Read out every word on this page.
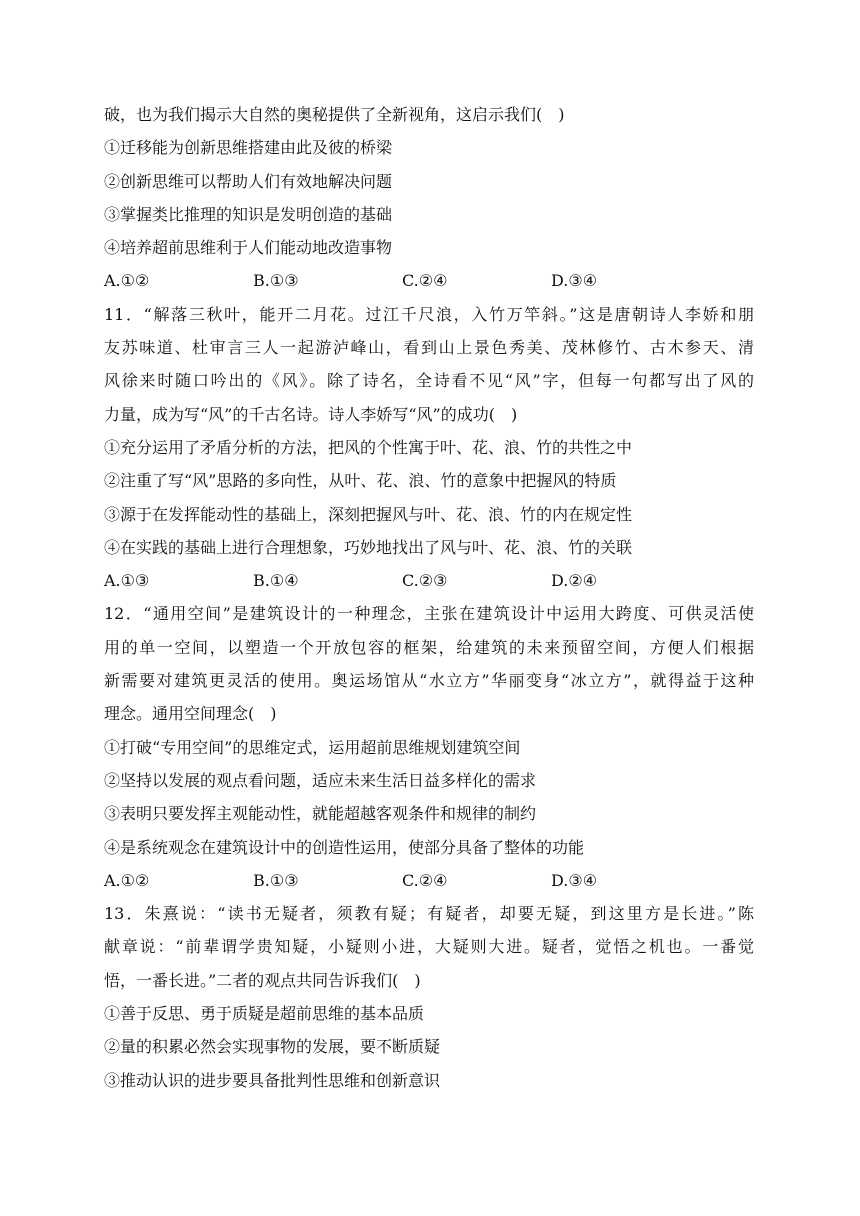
破，也为我们揭示大自然的奥秘提供了全新视角，这启示我们(　)
①迁移能为创新思维搭建由此及彼的桥梁
②创新思维可以帮助人们有效地解决问题
③掌握类比推理的知识是发明创造的基础
④培养超前思维利于人们能动地改造事物
A.①②	B.①③	C.②④	D.③④
11．“解落三秋叶，能开二月花。过江千尺浪，入竹万竿斜。”这是唐朝诗人李娇和朋
友苏味道、杜审言三人一起游泸峰山，看到山上景色秀美、茂林修竹、古木参天、清
风徐来时随口吟出的《风》。除了诗名，全诗看不见“风”字，但每一句都写出了风的
力量，成为写“风”的千古名诗。诗人李娇写“风”的成功(　)
①充分运用了矛盾分析的方法，把风的个性寓于叶、花、浪、竹的共性之中
②注重了写“风”思路的多向性，从叶、花、浪、竹的意象中把握风的特质
③源于在发挥能动性的基础上，深刻把握风与叶、花、浪、竹的内在规定性
④在实践的基础上进行合理想象，巧妙地找出了风与叶、花、浪、竹的关联
A.①③	B.①④	C.②③	D.②④
12．“通用空间”是建筑设计的一种理念，主张在建筑设计中运用大跨度、可供灵活使
用的单一空间，以塑造一个开放包容的框架，给建筑的未来预留空间，方便人们根据
新需要对建筑更灵活的使用。奥运场馆从“水立方”华丽变身“冰立方”，就得益于这种
理念。通用空间理念(　)
①打破“专用空间”的思维定式，运用超前思维规划建筑空间
②坚持以发展的观点看问题，适应未来生活日益多样化的需求
③表明只要发挥主观能动性，就能超越客观条件和规律的制约
④是系统观念在建筑设计中的创造性运用，使部分具备了整体的功能
A.①②	B.①③	C.②④	D.③④
13．朱熹说：“读书无疑者，须教有疑；有疑者，却要无疑，到这里方是长进。”陈
献章说：“前辈谓学贵知疑，小疑则小进，大疑则大进。疑者，觉悟之机也。一番觉
悟，一番长进。”二者的观点共同告诉我们(　)
①善于反思、勇于质疑是超前思维的基本品质
②量的积累必然会实现事物的发展，要不断质疑
③推动认识的进步要具备批判性思维和创新意识
